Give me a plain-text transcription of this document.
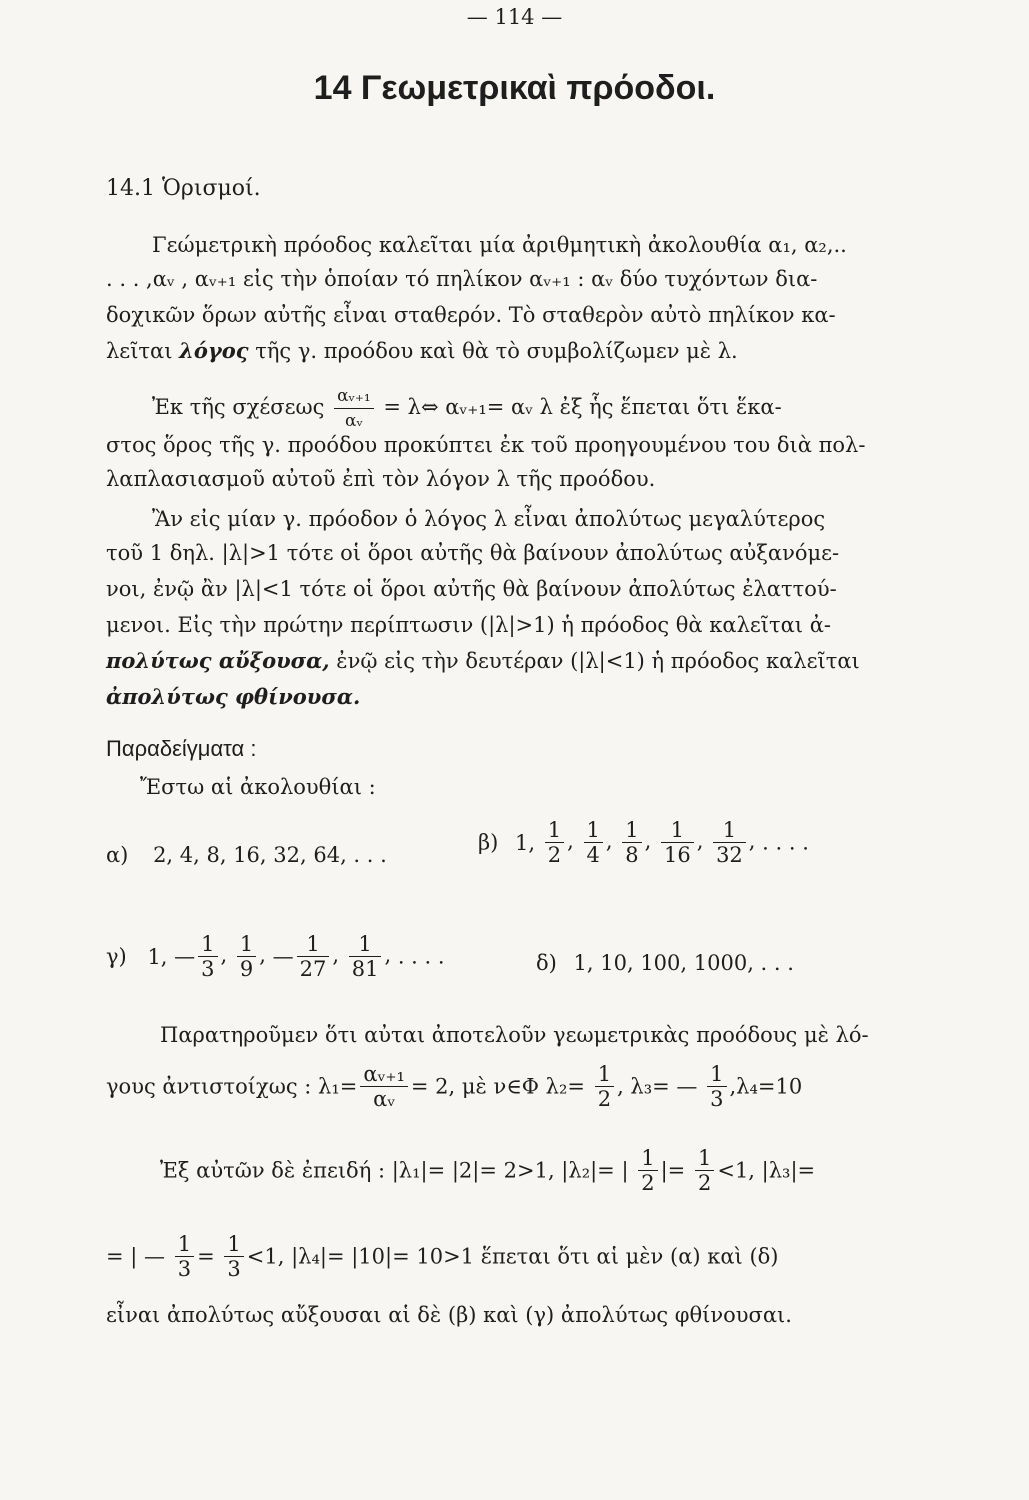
— 114 —
14 Γεωμετρικαὶ πρόοδοι.
14.1 Ὁρισμοί.
Γεώμετρικὴ πρόοδος καλεῖται μία ἀριθμητικὴ ἀκολουθία α₁, α₂,..
. . . ,αᵥ , αᵥ₊₁ εἰς τὴν ὁποίαν τό πηλίκον αᵥ₊₁ : αᵥ δύο τυχόντων δια-
δοχικῶν ὅρων αὐτῆς εἶναι σταθερόν. Τὸ σταθερὸν αὐτὸ πηλίκον κα-
λεῖται λόγος τῆς γ. προόδου καὶ θὰ τὸ συμβολίζωμεν μὲ λ.
Ἐκ τῆς σχέσεως $\frac{\text{αᵥ₊₁}}{\text{αᵥ}}$ = λ⇔ αᵥ₊₁= αᵥ λ ἐξ ἧς ἕπεται ὅτι ἕκα-
στος ὅρος τῆς γ. προόδου προκύπτει ἐκ τοῦ προηγουμένου του διὰ πολ-
λαπλασιασμοῦ αὐτοῦ ἐπὶ τὸν λόγον λ τῆς προόδου.
Ἂν εἰς μίαν γ. πρόοδον ὁ λόγος λ εἶναι ἀπολύτως μεγαλύτερος
τοῦ 1 δηλ. |λ|>1 τότε οἱ ὅροι αὐτῆς θὰ βαίνουν ἀπολύτως αὐξανόμε-
νοι, ἐνῷ ἂν |λ|<1 τότε οἱ ὅροι αὐτῆς θὰ βαίνουν ἀπολύτως ἐλαττού-
μενοι. Εἰς τὴν πρώτην περίπτωσιν (|λ|>1) ἡ πρόοδος θὰ καλεῖται ἀ-
πολύτως αὔξουσα, ἐνῷ εἰς τὴν δευτέραν (|λ|<1) ἡ πρόοδος καλεῖται
ἀπολύτως φθίνουσα.
Παραδείγματα :
Ἔστω αἱ ἀκολουθίαι :
α) 2, 4, 8, 16, 32, 64, . . .
β) 1, $\frac{1}{2}$ , $\frac{1}{4}$ , $\frac{1}{8}$ , $\frac{1}{16}$ , $\frac{1}{32}$ , . . . .
γ) 1, — $\frac{1}{3}$ , $\frac{1}{9}$ , — $\frac{1}{27}$ , $\frac{1}{81}$ , . . . .	δ) 1, 10, 100, 1000, . . .
Παρατηροῦμεν ὅτι αὐται ἀποτελοῦν γεωμετρικὰς προόδους μὲ λό-
γους ἀντιστοίχως : $\lambda_1= \frac{\text{αᵥ₊₁}}{\text{αᵥ}} = 2$, μὲ ν∈Φ $\lambda_2= \frac{1}{2}$ , λ₃= — $\frac{1}{3} ,\lambda_4=10$
Ἐξ αὐτῶν δὲ ἐπειδή : |λ₁|= |2|= 2>1, |λ₂|= | $\frac{1}{2}$ |= $\frac{1}{2} <1$, |λ₃|=
= | — $\frac{1}{3} = \frac{1}{3} <1$, |λ₄|= |10|= 10>1 ἕπεται ὅτι αἱ μὲν (α) καὶ (δ)
εἶναι ἀπολύτως αὔξουσαι αἱ δὲ (β) καὶ (γ) ἀπολύτως φθίνουσαι.
